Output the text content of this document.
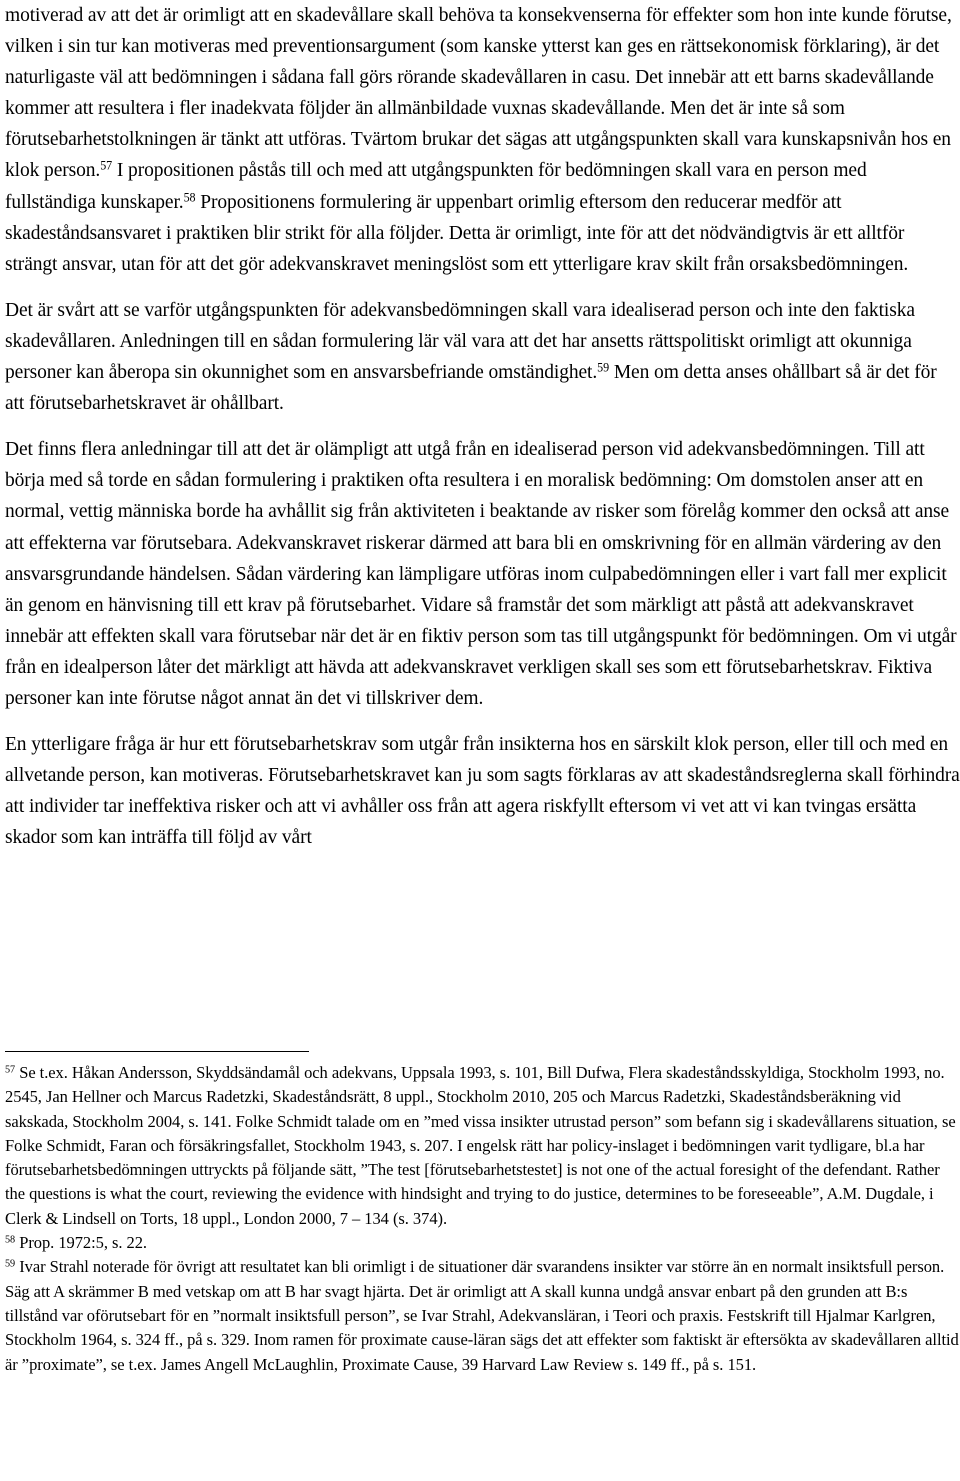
motiverad av att det är orimligt att en skadevållare skall behöva ta konsekvenserna för effekter som hon inte kunde förutse, vilken i sin tur kan motiveras med preventionsargument (som kanske ytterst kan ges en rättsekonomisk förklaring), är det naturligaste väl att bedömningen i sådana fall görs rörande skadevållaren in casu. Det innebär att ett barns skadevållande kommer att resultera i fler inadekvata följder än allmänbildade vuxnas skadevållande. Men det är inte så som förutsebarhetstolkningen är tänkt att utföras. Tvärtom brukar det sägas att utgångspunkten skall vara kunskapsnivån hos en klok person.$^{57}$ I propositionen påstås till och med att utgångspunkten för bedömningen skall vara en person med fullständiga kunskaper.$^{58}$ Propositionens formulering är uppenbart orimlig eftersom den reducerar medför att skadeståndsansvaret i praktiken blir strikt för alla följder. Detta är orimligt, inte för att det nödvändigtvis är ett alltför strängt ansvar, utan för att det gör adekvanskravet meningslöst som ett ytterligare krav skilt från orsaksbedömningen.

Det är svårt att se varför utgångspunkten för adekvansbedömningen skall vara idealiserad person och inte den faktiska skadevållaren. Anledningen till en sådan formulering lär väl vara att det har ansetts rättspolitiskt orimligt att okunniga personer kan åberopa sin okunnighet som en ansvarsbefriande omständighet.$^{59}$ Men om detta anses ohållbart så är det för att förutsebarhetskravet är ohållbart.

Det finns flera anledningar till att det är olämpligt att utgå från en idealiserad person vid adekvansbedömningen. Till att börja med så torde en sådan formulering i praktiken ofta resultera i en moralisk bedömning: Om domstolen anser att en normal, vettig människa borde ha avhållit sig från aktiviteten i beaktande av risker som förelåg kommer den också att anse att effekterna var förutsebara. Adekvanskravet riskerar därmed att bara bli en omskrivning för en allmän värdering av den ansvarsgrundande händelsen. Sådan värdering kan lämpligare utföras inom culpabedömningen eller i vart fall mer explicit än genom en hänvisning till ett krav på förutsebarhet. Vidare så framstår det som märkligt att påstå att adekvanskravet innebär att effekten skall vara förutsebar när det är en fiktiv person som tas till utgångspunkt för bedömningen. Om vi utgår från en idealperson låter det märkligt att hävda att adekvanskravet verkligen skall ses som ett förutsebarhetskrav. Fiktiva personer kan inte förutse något annat än det vi tillskriver dem.

En ytterligare fråga är hur ett förutsebarhetskrav som utgår från insikterna hos en särskilt klok person, eller till och med en allvetande person, kan motiveras. Förutsebarhetskravet kan ju som sagts förklaras av att skadeståndsreglerna skall förhindra att individer tar ineffektiva risker och att vi avhåller oss från att agera riskfyllt eftersom vi vet att vi kan tvingas ersätta skador som kan inträffa till följd av vårt

$^{57}$ Se t.ex. Håkan Andersson, Skyddsändamål och adekvans, Uppsala 1993, s. 101, Bill Dufwa, Flera skadeståndsskyldiga, Stockholm 1993, no. 2545, Jan Hellner och Marcus Radetzki, Skadeståndsrätt, 8 uppl., Stockholm 2010, 205 och Marcus Radetzki, Skadeståndsberäkning vid sakskada, Stockholm 2004, s. 141. Folke Schmidt talade om en ”med vissa insikter utrustad person” som befann sig i skadevållarens situation, se Folke Schmidt, Faran och försäkringsfallet, Stockholm 1943, s. 207. I engelsk rätt har policy-inslaget i bedömningen varit tydligare, bl.a har förutsebarhetsbedömningen uttryckts på följande sätt, ”The test [förutsebarhetstestet] is not one of the actual foresight of the defendant. Rather the questions is what the court, reviewing the evidence with hindsight and trying to do justice, determines to be foreseeable”, A.M. Dugdale, i Clerk & Lindsell on Torts, 18 uppl., London 2000, 7 – 134 (s. 374).

$^{58}$ Prop. 1972:5, s. 22.

$^{59}$ Ivar Strahl noterade för övrigt att resultatet kan bli orimligt i de situationer där svarandens insikter var större än en normalt insiktsfull person. Säg att A skrämmer B med vetskap om att B har svagt hjärta. Det är orimligt att A skall kunna undgå ansvar enbart på den grunden att B:s tillstånd var oförutsebart för en ”normalt insiktsfull person”, se Ivar Strahl, Adekvansläran, i Teori och praxis. Festskrift till Hjalmar Karlgren, Stockholm 1964, s. 324 ff., på s. 329. Inom ramen för proximate cause-läran sägs det att effekter som faktiskt är eftersökta av skadevållaren alltid är ”proximate”, se t.ex. James Angell McLaughlin, Proximate Cause, 39 Harvard Law Review s. 149 ff., på s. 151.
